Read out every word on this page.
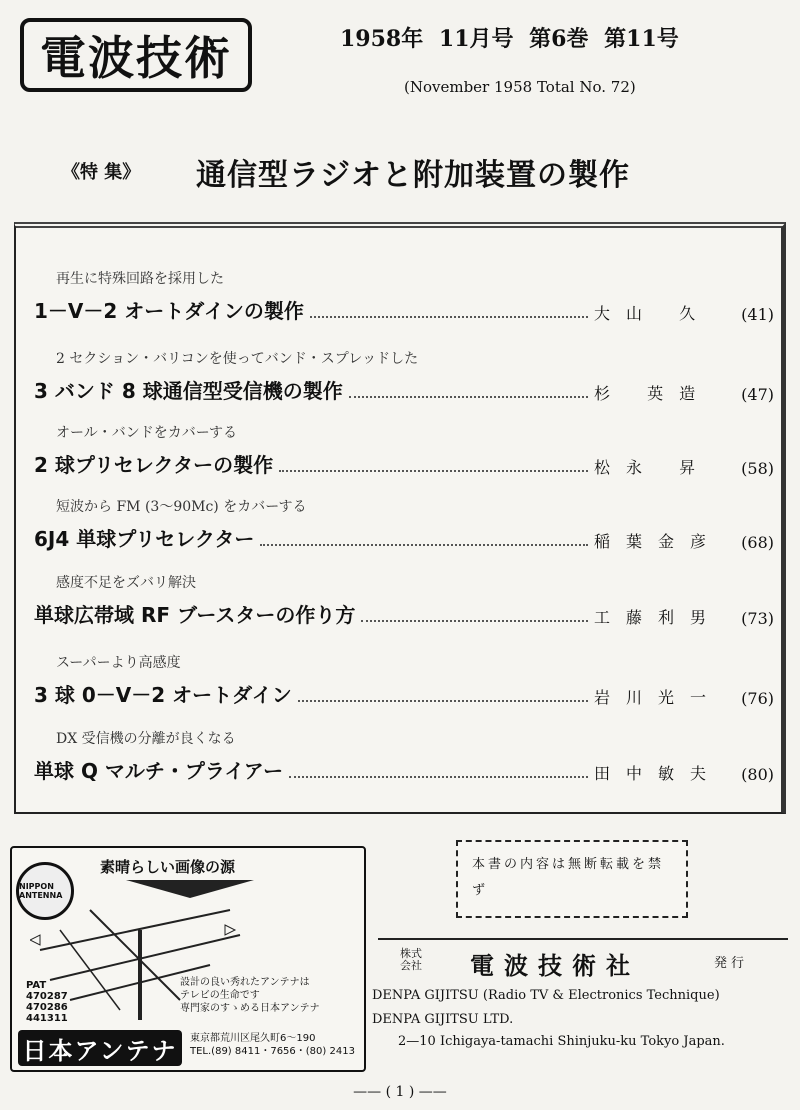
電波技術	1958年 11月号 第6巻 第11号
(November 1958 Total No. 72)
《特 集》 通信型ラジオと附加装置の製作
再生に特殊回路を採用した
1－V－2 オートダインの製作	大山 久	(41)
2 セクション・バリコンを使ってバンド・スプレッドした
3 バンド 8 球通信型受信機の製作	杉 英造	(47)
オール・バンドをカバーする
2 球プリセレクターの製作	松永 昇	(58)
短波から FM (3～90Mc) をカバーする
6J4 単球プリセレクター	稲葉金彦	(68)
感度不足をズバリ解決
単球広帯域 RF ブースターの作り方	工藤利男	(73)
スーパーより高感度
3 球 0－V－2 オートダイン	岩川光一	(76)
DX 受信機の分離が良くなる
単球 Q マルチ・プライアー	田中敏夫	(80)
NIPPON ANTENNA
素晴らしい画像の源
PAT
470287
470286
441311
設計の良い秀れたアンテナは
テレビの生命です
専門家のすゝめる日本アンテナ
東京都荒川区尾久町6～190
TEL.(89) 8411・7656・(80) 2413
日本アンテナ
本書の内容は無断転載を禁ず
株式
会社 電波技術社	発行
DENPA GIJITSU (Radio TV & Electronics Technique)
DENPA GIJITSU LTD.
2—10 Ichigaya-tamachi Shinjuku-ku Tokyo Japan.
—— ( 1 ) ——
